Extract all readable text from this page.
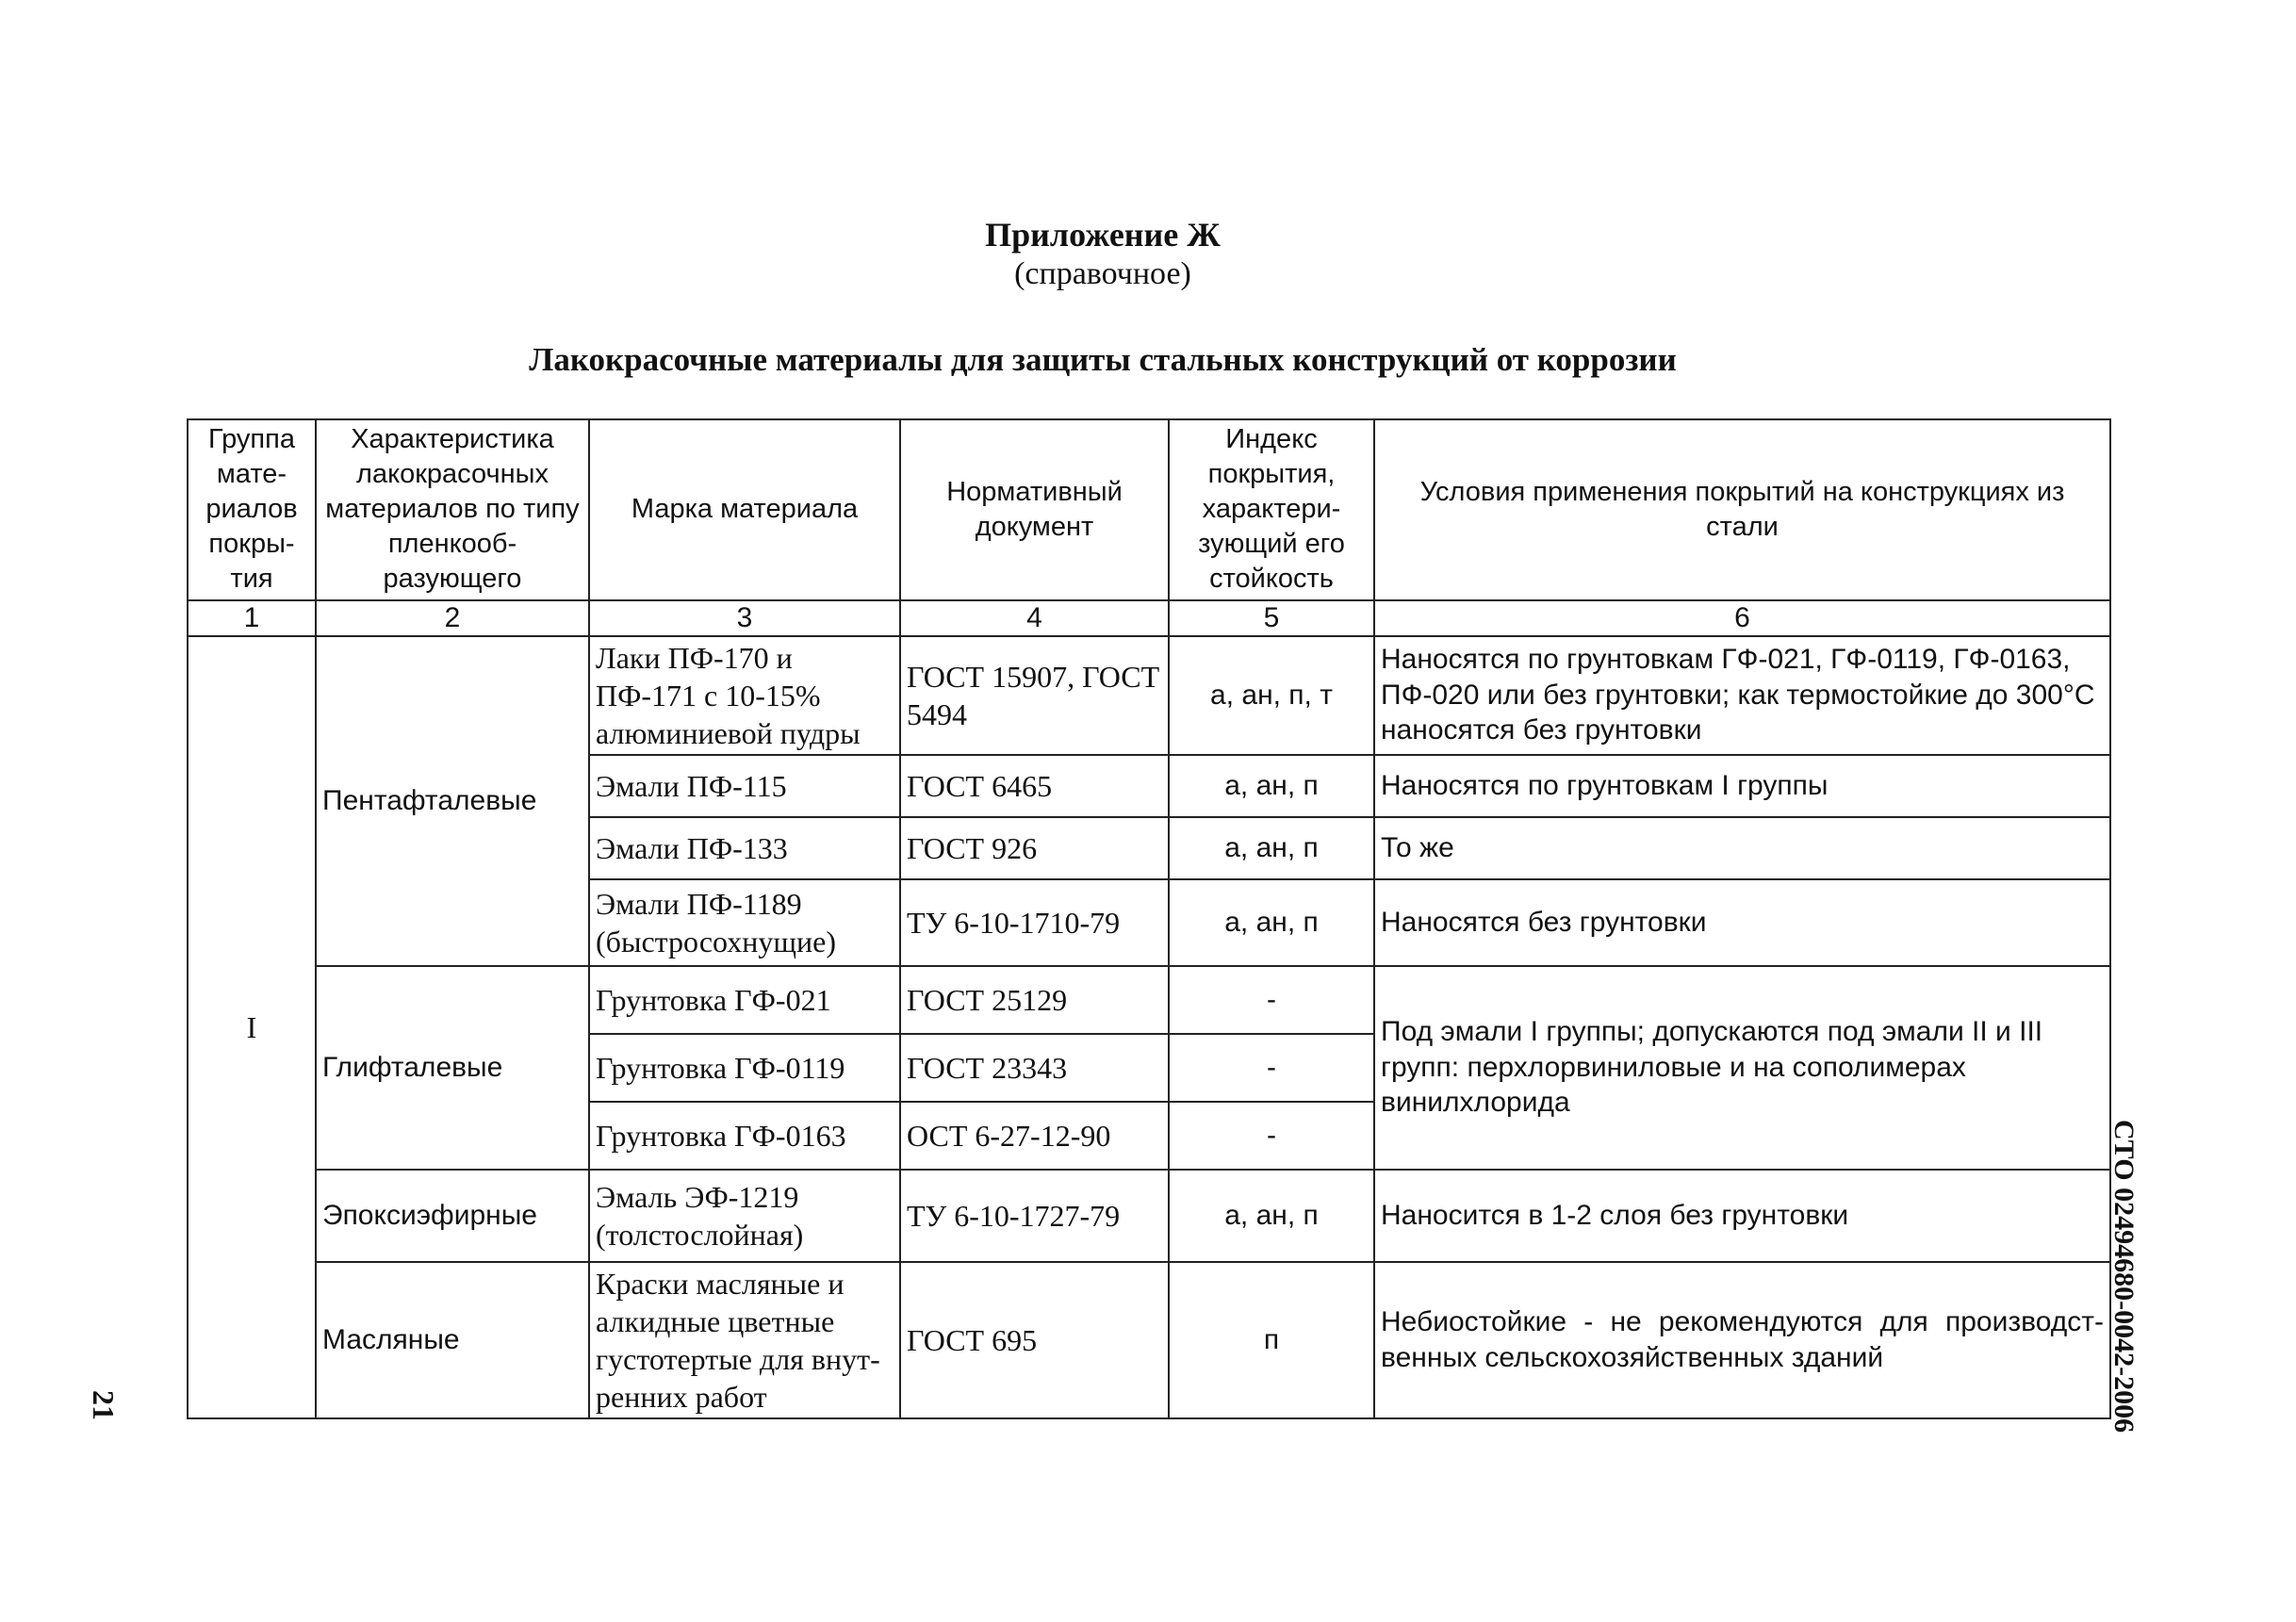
Приложение Ж
(справочное)
Лакокрасочные материалы для защиты стальных конструкций от коррозии
Группа мате-риалов покры-тия	Характеристика лакокрасочных материалов по типу пленкооб-разующего	Марка материала	Нормативный документ	Индекс покрытия, характери-зующий его стойкость	Условия применения покрытий на конструкциях из стали
1	2	3	4	5	6
I	Пентафталевые	Лаки ПФ-170 и ПФ-171 с 10-15% алюминиевой пудры	ГОСТ 15907, ГОСТ 5494	а, ан, п, т	Наносятся по грунтовкам ГФ-021, ГФ-0119, ГФ-0163, ПФ-020 или без грунтовки; как термостойкие до 300°С наносятся без грунтовки
		Эмали ПФ-115	ГОСТ 6465	а, ан, п	Наносятся по грунтовкам I группы
		Эмали ПФ-133	ГОСТ 926	а, ан, п	То же
		Эмали ПФ-1189 (быстросохнущие)	ТУ 6-10-1710-79	а, ан, п	Наносятся без грунтовки
	Глифталевые	Грунтовка ГФ-021	ГОСТ 25129	-	Под эмали I группы; допускаются под эмали II и III групп: перхлорвиниловые и на сополимерах винилхлорида
		Грунтовка ГФ-0119	ГОСТ 23343	-	
		Грунтовка ГФ-0163	ОСТ 6-27-12-90	-	
	Эпоксиэфирные	Эмаль ЭФ-1219 (толстослойная)	ТУ 6-10-1727-79	а, ан, п	Наносится в 1-2 слоя без грунтовки
	Масляные	Краски масляные и алкидные цветные густотертые для внут-ренних работ	ГОСТ 695	п	Небиостойкие - не рекомендуются для производст-венных сельскохозяйственных зданий
21	СТО 02494680-0042-2006
